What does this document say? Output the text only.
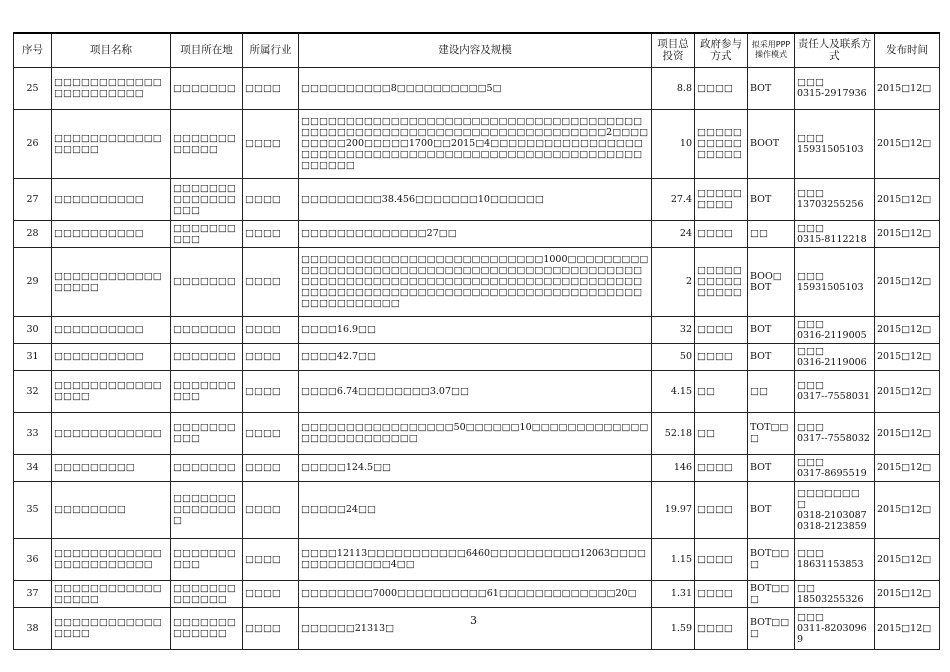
序号	项目名称	项目所在地	所属行业	建设内容及规模	项目总投资	政府参与方式	拟采用PPP操作模式	责任人及联系方式	发布时间
25	□□□□□□□□□□□□□□□□□□□□□□	□□□□□□□	□□□□	□□□□□□□□□□8□□□□□□□□□□5□	8.8	□□□□	BOT	□□□
0315-2917936	2015□12□
26	□□□□□□□□□□□□□□□□□	□□□□□□□□□□□□	□□□□	□□□□□□□□□□□□□□□□□□□□□□□□□□□□□□□□□□□□□□□□□□□□□□□□□□□□□□□□□□□□□□□□□□□□□□□□2□□□□□□□□□200□□□□□1700□□2015□4□□□□□□□□□□□□□□□□□□□□□□□□□□□□□□□□□□□□□□□□□□□□□□□□□□□□□□□□□□□□□	10	□□□□□□□□□□□□□□□	BOOT	□□□
15931505103	2015□12□
27	□□□□□□□□□□	□□□□□□□□□□□□□□□□□	□□□□	□□□□□□□□□38.456□□□□□□□10□□□□□□	27.4	□□□□□□□□□	BOT	□□□
13703255256	2015□12□
28	□□□□□□□□□□	□□□□□□□□□□	□□□□	□□□□□□□□□□□□□□27□□	24	□□□□	□□	□□□
0315-8112218	2015□12□
29	□□□□□□□□□□□□□□□□□	□□□□□□□	□□□□	□□□□□□□□□□□□□□□□□□□□□□□□□□□1000□□□□□□□□□□□□□□□□□□□□□□□□□□□□□□□□□□□□□□□□□□□□□□□□□□□□□□□□□□□□□□□□□□□□□□□□□□□□□□□□□□□□□□□□□□□□□□□□□□□□□□□□□□□□□□□□□□□□□□□□□□□□□□□□□□□□□□	2	□□□□□□□□□□□□□□□	BOO□
BOT	□□□
15931505103	2015□12□
30	□□□□□□□□□□	□□□□□□□	□□□□	□□□□16.9□□	32	□□□□	BOT	□□□
0316-2119005	2015□12□
31	□□□□□□□□□□	□□□□□□□	□□□□	□□□□42.7□□	50	□□□□	BOT	□□□
0316-2119006	2015□12□
32	□□□□□□□□□□□□□□□□	□□□□□□□□□□	□□□□	□□□□6.74□□□□□□□□3.07□□	4.15	□□	□□	□□□
0317--7558031	2015□12□
33	□□□□□□□□□□□□	□□□□□□□□□□	□□□□	□□□□□□□□□□□□□□□□□50□□□□□□10□□□□□□□□□□□□□□□□□□□□□□□□□□	52.18	□□	TOT□□
□	□□□
0317--7558032	2015□12□
34	□□□□□□□□□	□□□□□□□	□□□□	□□□□□124.5□□	146	□□□□	BOT	□□□
0317-8695519	2015□12□
35	□□□□□□□□	□□□□□□□□□□□□□□□	□□□□	□□□□□24□□	19.97	□□□□	BOT	□□□□□□□
□
0318-2103087
0318-2123859	2015□12□
36	□□□□□□□□□□□□□□□□□□□□□□□	□□□□□□□□□□	□□□□	□□□□12113□□□□□□□□□□□6460□□□□□□□□□□12063□□□□□□□□□□□□□□4□□	1.15	□□□□	BOT□□
□	□□□
18631153853	2015□12□
37	□□□□□□□□□□□□□□□□□	□□□□□□□□□□□□□	□□□□	□□□□□□□□7000□□□□□□□□□□61□□□□□□□□□□□□□20□	1.31	□□□□	BOT□□
□	□□
18503255326	2015□12□
38	□□□□□□□□□□□□□□□□	□□□□□□□□□□□□□	□□□□	□□□□□□21313□	1.59	□□□□	BOT□□
□	□□□
0311-82030969	2015□12□
3
